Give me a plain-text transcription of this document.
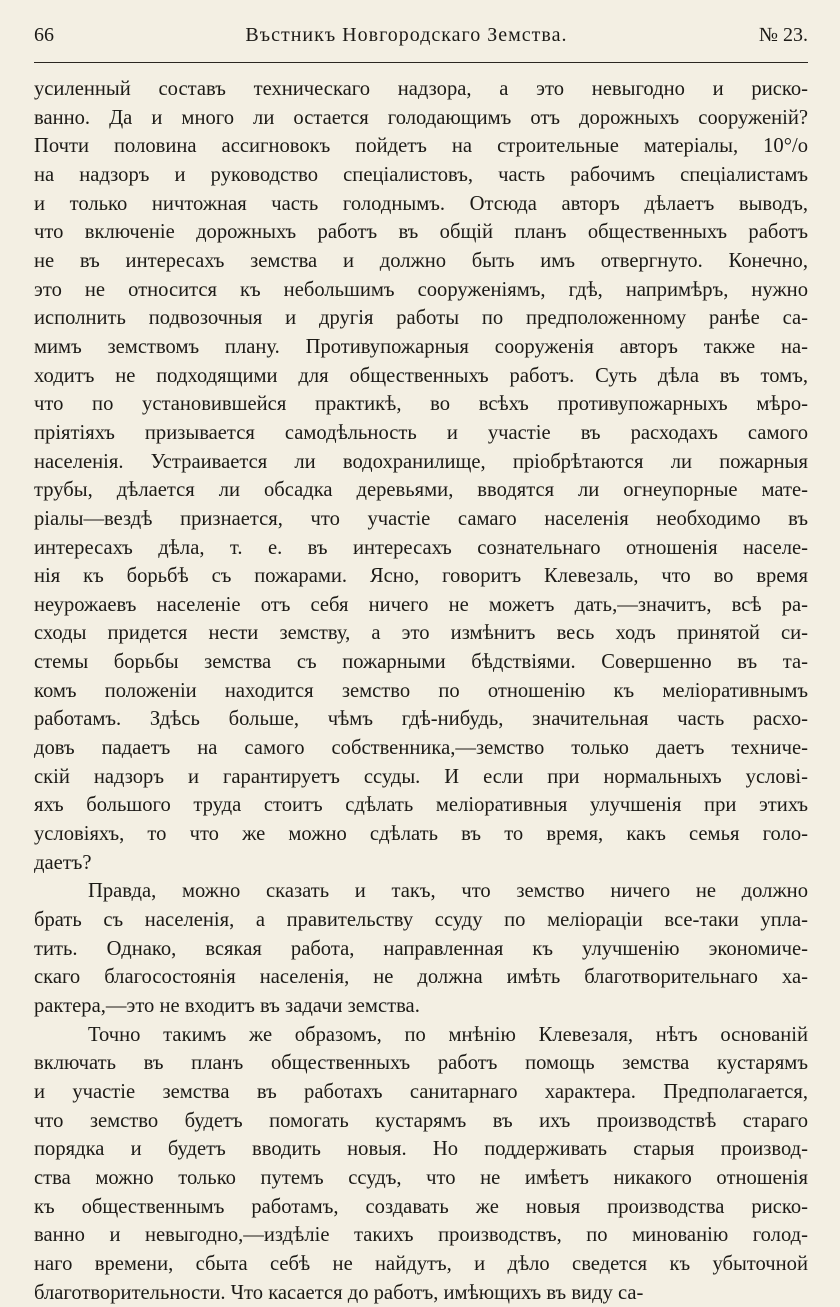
66	Въстникъ Новгородскаго Земства.	№ 23.

усиленный составъ техническаго надзора, а это невыгодно и риско-
ванно. Да и много ли остается голодающимъ отъ дорожныхъ сооруженій?
Почти половина ассигновокъ пойдетъ на строительные матеріалы, 10°/о
на надзоръ и руководство спеціалистовъ, часть рабочимъ спеціалистамъ
и только ничтожная часть голоднымъ. Отсюда авторъ дѣлаетъ выводъ,
что включеніе дорожныхъ работъ въ общій планъ общественныхъ работъ
не въ интересахъ земства и должно быть имъ отвергнуто. Конечно,
это не относится къ небольшимъ сооруженіямъ, гдѣ, напримѣръ, нужно
исполнить подвозочныя и другія работы по предположенному ранѣе са-
мимъ земствомъ плану. Противупожарныя сооруженія авторъ также на-
ходитъ не подходящими для общественныхъ работъ. Суть дѣла въ томъ,
что по установившейся практикѣ, во всѣхъ противупожарныхъ мѣро-
пріятіяхъ призывается самодѣльность и участіе въ расходахъ самого
населенія. Устраивается ли водохранилище, пріобрѣтаются ли пожарныя
трубы, дѣлается ли обсадка деревьями, вводятся ли огнеупорные мате-
ріалы—вездѣ признается, что участіе самаго населенія необходимо въ
интересахъ дѣла, т. е. въ интересахъ сознательнаго отношенія населе-
нія къ борьбѣ съ пожарами. Ясно, говоритъ Клевезаль, что во время
неурожаевъ населеніе отъ себя ничего не можетъ дать,—значитъ, всѣ ра-
сходы придется нести земству, а это измѣнитъ весь ходъ принятой си-
стемы борьбы земства съ пожарными бѣдствіями. Совершенно въ та-
комъ положеніи находится земство по отношенію къ меліоративнымъ
работамъ. Здѣсь больше, чѣмъ гдѣ-нибудь, значительная часть расхо-
довъ падаетъ на самого собственника,—земство только даетъ техниче-
скій надзоръ и гарантируетъ ссуды. И если при нормальныхъ услові-
яхъ большого труда стоитъ сдѣлать меліоративныя улучшенія при этихъ
условіяхъ, то что же можно сдѣлать въ то время, какъ семья голо-
даетъ?

Правда, можно сказать и такъ, что земство ничего не должно
брать съ населенія, а правительству ссуду по меліораціи все-таки упла-
тить. Однако, всякая работа, направленная къ улучшенію экономиче-
скаго благосостоянія населенія, не должна имѣть благотворительнаго ха-
рактера,—это не входитъ въ задачи земства.

Точно такимъ же образомъ, по мнѣнію Клевезаля, нѣтъ основаній
включать въ планъ общественныхъ работъ помощь земства кустарямъ
и участіе земства въ работахъ санитарнаго характера. Предполагается,
что земство будетъ помогать кустарямъ въ ихъ производствѣ стараго
порядка и будетъ вводить новыя. Но поддерживать старыя производ-
ства можно только путемъ ссудъ, что не имѣетъ никакого отношенія
къ общественнымъ работамъ, создавать же новыя производства риско-
ванно и невыгодно,—издѣліе такихъ производствъ, по минованію голод-
наго времени, сбыта себѣ не найдутъ, и дѣло сведется къ убыточной
благотворительности. Что касается до работъ, имѣющихъ въ виду са-
